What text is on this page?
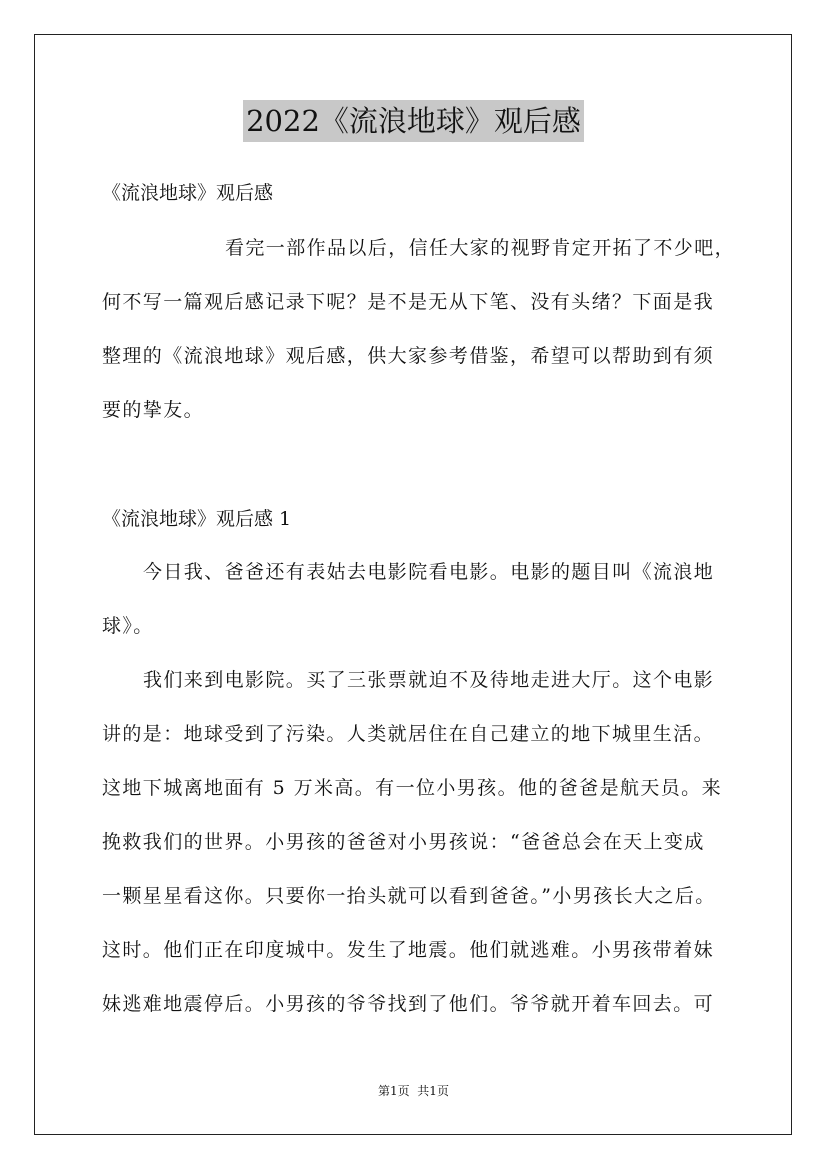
2022《流浪地球》观后感
《流浪地球》观后感
看完一部作品以后，信任大家的视野肯定开拓了不少吧，
何不写一篇观后感记录下呢？是不是无从下笔、没有头绪？下面是我
整理的《流浪地球》观后感，供大家参考借鉴，希望可以帮助到有须
要的挚友。
《流浪地球》观后感 1
今日我、爸爸还有表姑去电影院看电影。电影的题目叫《流浪地
球》。
我们来到电影院。买了三张票就迫不及待地走进大厅。这个电影
讲的是：地球受到了污染。人类就居住在自己建立的地下城里生活。
这地下城离地面有 5 万米高。有一位小男孩。他的爸爸是航天员。来
挽救我们的世界。小男孩的爸爸对小男孩说：“爸爸总会在天上变成
一颗星星看这你。只要你一抬头就可以看到爸爸。”小男孩长大之后。
这时。他们正在印度城中。发生了地震。他们就逃难。小男孩带着妹
妹逃难地震停后。小男孩的爷爷找到了他们。爷爷就开着车回去。可
第1页  共1页
